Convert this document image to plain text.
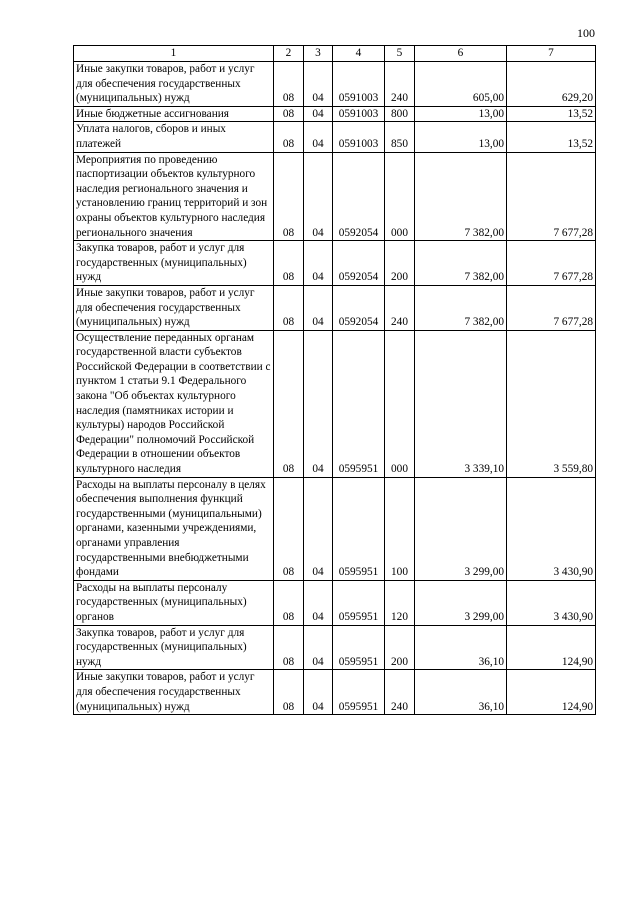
100
1	2	3	4	5	6	7
Иные закупки товаров, работ и услуг для обеспечения государственных (муниципальных) нужд	08	04	0591003	240	605,00	629,20
Иные бюджетные ассигнования	08	04	0591003	800	13,00	13,52
Уплата налогов, сборов и иных платежей	08	04	0591003	850	13,00	13,52
Мероприятия по проведению паспортизации объектов культурного наследия регионального значения и установлению границ территорий и зон охраны объектов культурного наследия регионального значения	08	04	0592054	000	7 382,00	7 677,28
Закупка товаров, работ и услуг для государственных (муниципальных) нужд	08	04	0592054	200	7 382,00	7 677,28
Иные закупки товаров, работ и услуг для обеспечения государственных (муниципальных) нужд	08	04	0592054	240	7 382,00	7 677,28
Осуществление переданных органам государственной власти субъектов Российской Федерации в соответствии с пунктом 1 статьи 9.1 Федерального закона "Об объектах культурного наследия (памятниках истории и культуры) народов Российской Федерации" полномочий Российской Федерации в отношении объектов культурного наследия	08	04	0595951	000	3 339,10	3 559,80
Расходы на выплаты персоналу в целях обеспечения выполнения функций государственными (муниципальными) органами, казенными учреждениями, органами управления государственными внебюджетными фондами	08	04	0595951	100	3 299,00	3 430,90
Расходы на выплаты персоналу государственных (муниципальных) органов	08	04	0595951	120	3 299,00	3 430,90
Закупка товаров, работ и услуг для государственных (муниципальных) нужд	08	04	0595951	200	36,10	124,90
Иные закупки товаров, работ и услуг для обеспечения государственных (муниципальных) нужд	08	04	0595951	240	36,10	124,90
